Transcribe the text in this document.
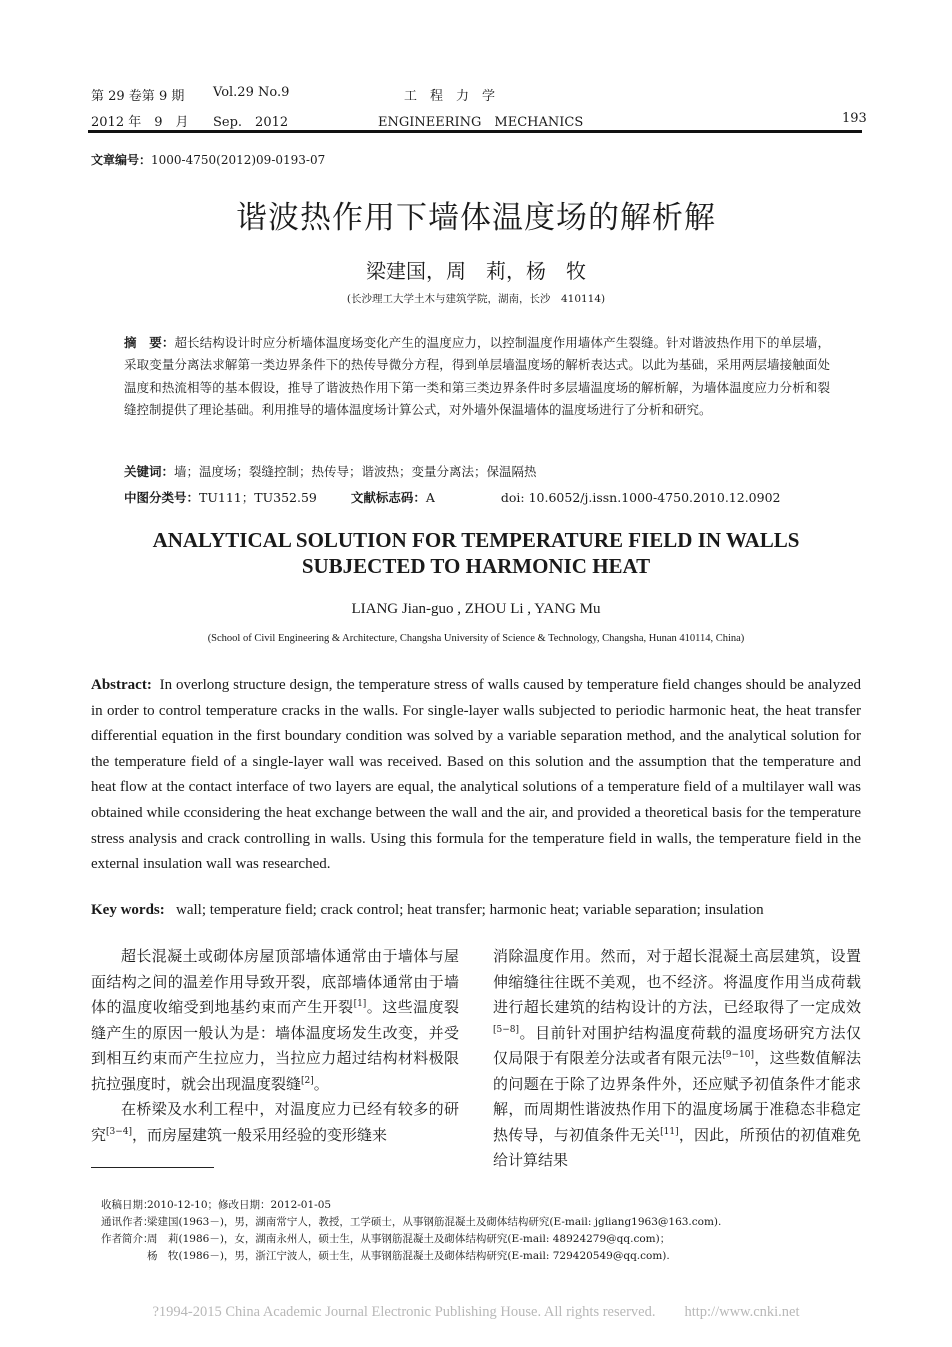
第 29 卷第 9 期 Vol.29 No.9	工　程　力　学
2012 年　9　月 Sep.　2012	ENGINEERING　MECHANICS	193
文章编号：1000-4750(2012)09-0193-07
谐波热作用下墙体温度场的解析解
梁建国，周　莉，杨　牧
(长沙理工大学土木与建筑学院，湖南，长沙　410114)
摘　要：超长结构设计时应分析墙体温度场变化产生的温度应力，以控制温度作用墙体产生裂缝。针对谐波热作用下的单层墙，采取变量分离法求解第一类边界条件下的热传导微分方程，得到单层墙温度场的解析表达式。以此为基础，采用两层墙接触面处温度和热流相等的基本假设，推导了谐波热作用下第一类和第三类边界条件时多层墙温度场的解析解，为墙体温度应力分析和裂缝控制提供了理论基础。利用推导的墙体温度场计算公式，对外墙外保温墙体的温度场进行了分析和研究。
关键词：墙；温度场；裂缝控制；热传导；谐波热；变量分离法；保温隔热
中图分类号：TU111；TU352.59	文献标志码：A	doi: 10.6052/j.issn.1000-4750.2010.12.0902
ANALYTICAL SOLUTION FOR TEMPERATURE FIELD IN WALLS
SUBJECTED TO HARMONIC HEAT
LIANG Jian-guo , ZHOU Li , YANG Mu
(School of Civil Engineering & Architecture, Changsha University of Science & Technology, Changsha, Hunan 410114, China)
Abstract: In overlong structure design, the temperature stress of walls caused by temperature field changes should be analyzed in order to control temperature cracks in the walls. For single-layer walls subjected to periodic harmonic heat, the heat transfer differential equation in the first boundary condition was solved by a variable separation method, and the analytical solution for the temperature field of a single-layer wall was received. Based on this solution and the assumption that the temperature and heat flow at the contact interface of two layers are equal, the analytical solutions of a temperature field of a multilayer wall was obtained while cconsidering the heat exchange between the wall and the air, and provided a theoretical basis for the temperature stress analysis and crack controlling in walls. Using this formula for the temperature field in walls, the temperature field in the external insulation wall was researched.
Key words: wall; temperature field; crack control; heat transfer; harmonic heat; variable separation; insulation

超长混凝土或砌体房屋顶部墙体通常由于墙体与屋面结构之间的温差作用导致开裂，底部墙体通常由于墙体的温度收缩受到地基约束而产生开裂[1]。这些温度裂缝产生的原因一般认为是：墙体温度场发生改变，并受到相互约束而产生拉应力，当拉应力超过结构材料极限抗拉强度时，就会出现温度裂缝[2]。

在桥梁及水利工程中，对温度应力已经有较多的研究[3−4]，而房屋建筑一般采用经验的变形缝来

消除温度作用。然而，对于超长混凝土高层建筑，设置伸缩缝往往既不美观，也不经济。将温度作用当成荷载进行超长建筑的结构设计的方法，已经取得了一定成效[5−8]。目前针对围护结构温度荷载的温度场研究方法仅仅局限于有限差分法或者有限元法[9−10]，这些数值解法的问题在于除了边界条件外，还应赋予初值条件才能求解，而周期性谐波热作用下的温度场属于准稳态非稳定热传导，与初值条件无关[11]，因此，所预估的初值难免给计算结果

收稿日期：
2010-12-10；修改日期：2012-01-05
通讯作者：
梁建国(1963－)，男，湖南常宁人，教授，工学硕士，从事钢筋混凝土及砌体结构研究(E-mail: jgliang1963@163.com).
作者简介：
周　莉(1986－)，女，湖南永州人，硕士生，从事钢筋混凝土及砌体结构研究(E-mail: 48924279@qq.com)；
杨　牧(1986－)，男，浙江宁波人，硕士生，从事钢筋混凝土及砌体结构研究(E-mail: 729420549@qq.com).
?1994-2015 China Academic Journal Electronic Publishing House. All rights reserved.　　http://www.cnki.net
